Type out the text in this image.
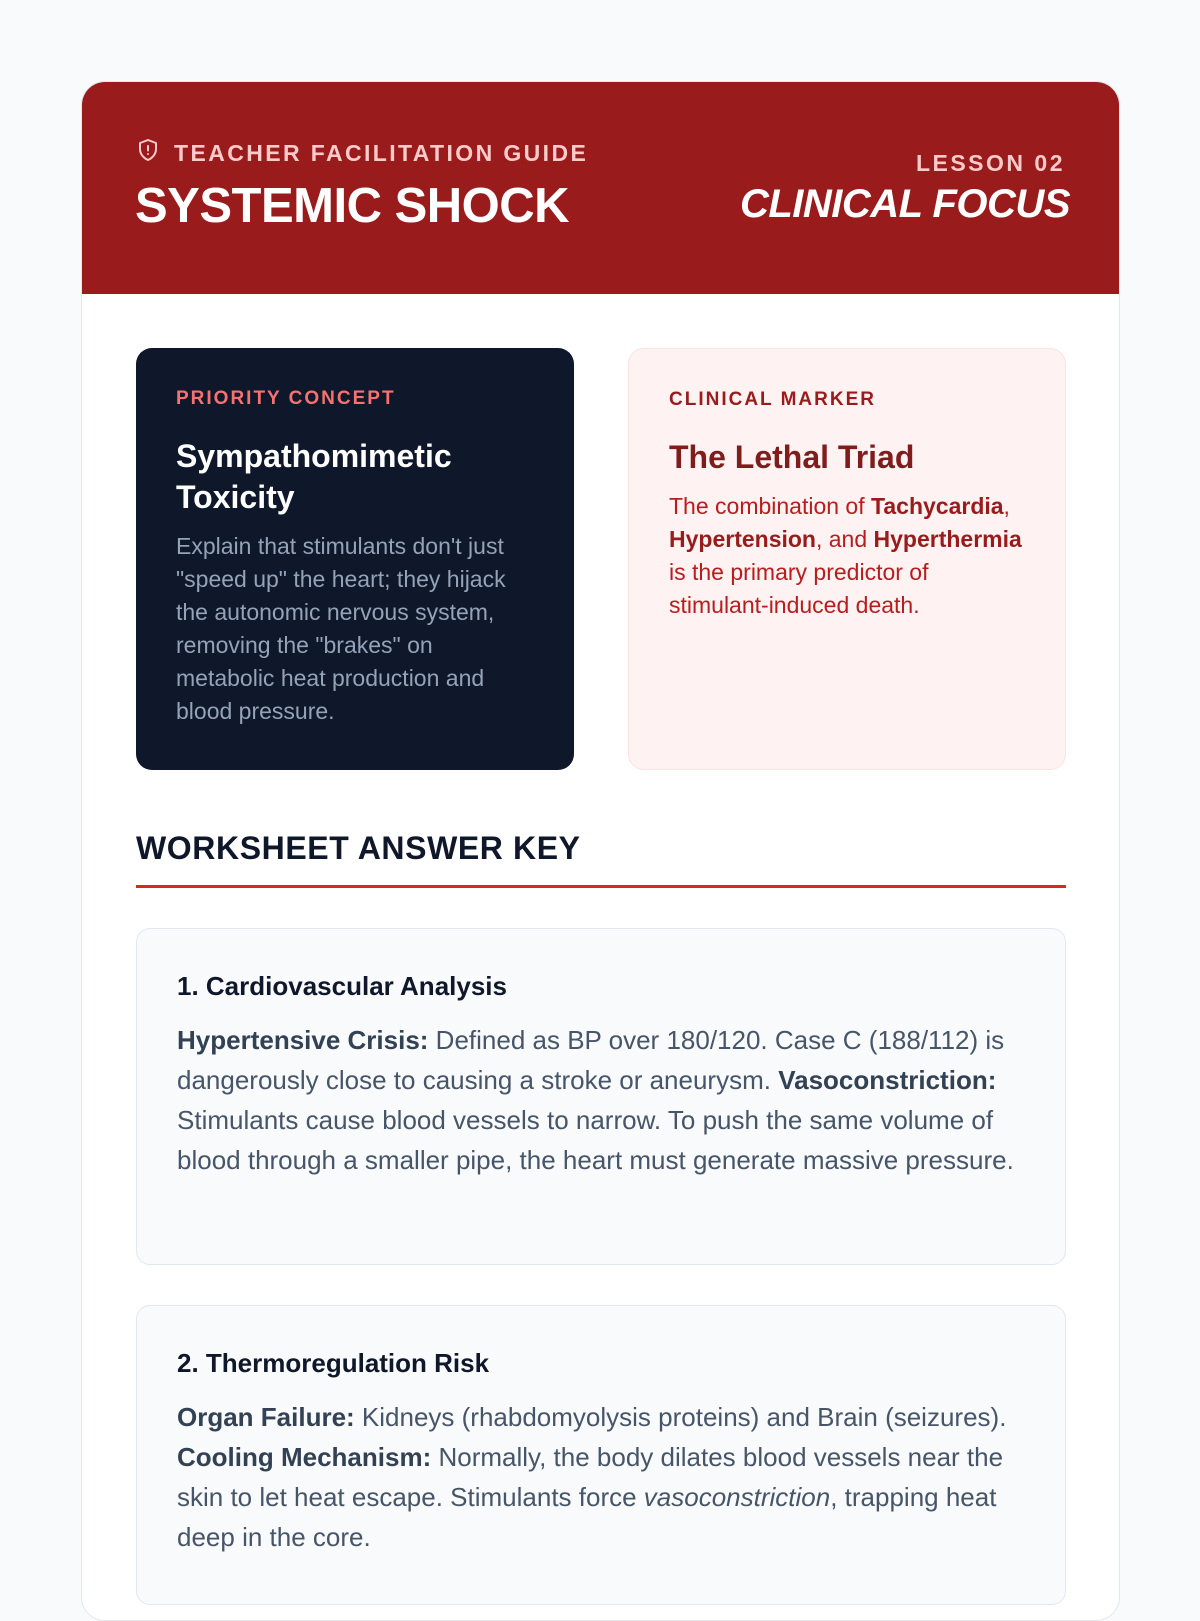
TEACHER FACILITATION GUIDE
SYSTEMIC SHOCK
LESSON 02
CLINICAL FOCUS
PRIORITY CONCEPT
Sympathomimetic Toxicity
Explain that stimulants don't just "speed up" the heart; they hijack the autonomic nervous system, removing the "brakes" on metabolic heat production and blood pressure.
CLINICAL MARKER
The Lethal Triad
The combination of Tachycardia, Hypertension, and Hyperthermia is the primary predictor of stimulant-induced death.
WORKSHEET ANSWER KEY
1. Cardiovascular Analysis
Hypertensive Crisis: Defined as BP over 180/120. Case C (188/112) is dangerously close to causing a stroke or aneurysm. Vasoconstriction: Stimulants cause blood vessels to narrow. To push the same volume of blood through a smaller pipe, the heart must generate massive pressure.
2. Thermoregulation Risk
Organ Failure: Kidneys (rhabdomyolysis proteins) and Brain (seizures). Cooling Mechanism: Normally, the body dilates blood vessels near the skin to let heat escape. Stimulants force vasoconstriction, trapping heat deep in the core.
